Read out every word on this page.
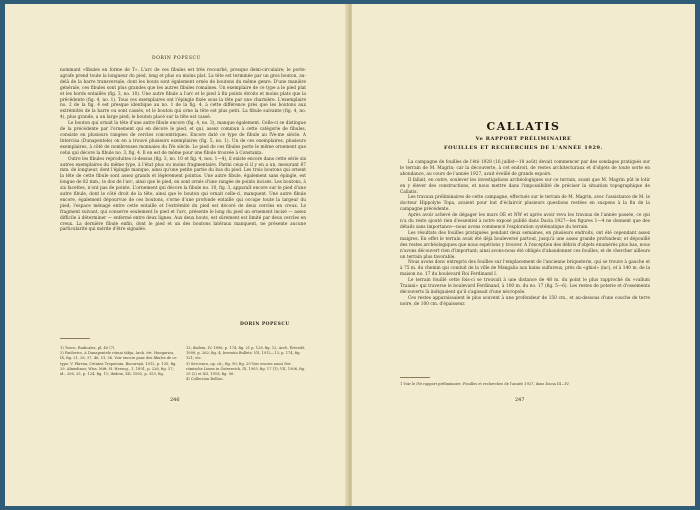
DORIN POPESCU

nommant «fibules en forme de T». L'arc de ces fibules est très recourbé, presque demi-circulaire; le porte-agrafe prend toute la longueur du pied, long et plus ou moins plat. La tête est terminée par un gros bouton, au-delà de la barre transversale, dont les bouts sont également ornés de boutons du même genre. D'une manière générale, ces fibules sont plus grandes que les autres fibules romaines. Un exemplaire de ce type a le pied plat et les bords entaillés (fig. 3, no. 10). Une autre fibule a l'arc et le pied à fin points étroits et moins plats que la précédente (fig. 4, no. 1). Tous ces exemplaires ont l'épingle fixée sous la tête par une charnière. L'exemplaire no. 2 de la fig. 4 est presque identique au no. 1 de la fig. 4, à cette différence près que les boutons aux extrémités de la barre ou sont cassés, et le bouton qui orne la tête est plus petit. La fibule suivante (fig. 4, no. 4), plus grande, a un large pied; le bouton placé sur la tête est cassé.

Le bouton qui ornait la tête d'une autre fibule encore (fig. 4, no. 3), manque également. Celle-ci se distingue de la précédente par l'ornement qui en décore le pied, et qui, assez commun à cette catégorie de fibules, consiste en plusieurs rangées de cercles concentriques. Encore daté ce type de fibule au IVe-me siècle. A Intercisa (Dunapentele) on en a trouvé plusieurs exemplaires (fig. 5, no. 1). Un de ces exemplaires, plusieurs exemplaires, à côté de nombreuses monnaies du IVe siècle. Le pied de ces fibules porte le même ornement que celui qui décore la fibule no. 3, fig. 4. Il en est de même pour une fibule trouvée à Constanța.

Outre les fibules reproduites ci-dessus (fig. 3, no. 10 et fig. 4, nos. 1—4), il existe encore dans cette série six autres exemplaires du même type, à l'état plus ou moins fragmentaire. Parmi ceux-ci il y en a un, mesurant 87 mm. de longueur, dont l'épingle manque, ainsi qu'une petite partie du bas du pied. Les trois boutons qui ornent la tête de cette fibule sont assez grands et légèrement pointus. Une autre fibule, également sans épingle, est longue de 82 mm.; le dos de l'arc, ainsi que le pied, en sont ornés d'une rangée de points incisés. Les boutons, à six facettes, n'ont pas de pointe. L'ornement qui décore la fibule no. 10, fig. 3, apparaît encore sur le pied d'une autre fibule, dont le côté droit de la tête, ainsi que le bouton qui ornait celle-ci, manquent. Une autre fibule encore, également dépourvue de ces boutons, s'orne d'une profonde entaille qui occupe toute la largeur du pied; l'espace ménagé entre cette entaille et l'extrémité du pied est décoré de deux cercles en creux. Le fragment suivant, qui conserve seulement le pied et l'arc, présente le long du pied un ornement incisé — assez difficile à déterminer — enfermé entre deux lignes. Aux deux bouts, est sûrement est limité par deux cercles en creux. La dernière fibule enfin, dont le pied et un des boutons latéraux manquent, ne présente aucune particularité qui mérite d'être signalée.

DORIN POPESCU

1) Turcu, Radicales, pl. 40 (7).

2) Paulovics, A Dunapentele római tábja, Arch. ért. Hungarica, IX, fig. 21, 28, 37, 46, 51, 56. Voir encore pour des fibules de ce type: V. Pârvan, Cetatea Tropaeum, Bucureşti, 1912, p. 135, fig. 29. Almedinos; Wiss. Mitt. H. Herzog., 1, 1891, p. 226, fig. 37; id., 206, 25, p. 124, fig. 11; ibidem, XII, 1892, p. 353, fig.

13; ibidem, IV, 1896, p. 174, fig. 21 p. 128, fig. 12; Arch. Értesítő, 1908, p. 262, fig. 4; Inventio Bullets, VII, 1912—13, p. 174, fig. 121; etc.

3) Sevcenco, op. cit., fig. 90; fig. 29 Voir encore aussi Der römische Limes in Österreich, IX, 1903, fig. 17 (1); VII, 1906, fig. 29 (2) et XII, 1918, fig. 56.

4) Collection Bolliac.

246
CALLATIS
Ve RAPPORT PRÉLIMINAIRE
FOUILLES ET RECHERCHES DE L'ANNÉE 1929.

La campagne de fouilles de l'été 1928 (16 juillet—18 août) devait commencer par des sondages pratiqués sur le terrain de M. Magrin; car la découverte, à cet endroit, de restes architecturaux et d'objets de toute sorte en abondance, au cours de l'année 1927, avait éveillé de grands espoirs.

Il fallait, en outre, soulever les investigations archéologiques sur ce terrain, avant que M. Magrin pût le lotir en y élever des constructions, et nous mettre dans l'impossibilité de préciser la situation topographique de Callatis.

Les travaux préliminaires de cette campagne, effectués sur le terrain de M. Magrin, avec l'assistance de M. le docteur Hippolyte Topa, avaient pour but d'éclaircir plusieurs questions restées en suspens à la fin de la campagne précédente.

Après avoir achevé de dégager les murs OE et NW et après avoir revu les travaux de l'année passée, ce qui n'a du reste ajouté rien d'essentiel à notre exposé publié dans Dacia 1927—les figures 1—4 ne donnent que des détails sans importance—nous avons commencé l'exploration systématique du terrain.

Les résultats des fouilles pratiquées pendant deux semaines, en plusieurs endroits, ont été cependant assez maigres. En effet le terrain avait été déjà bouleversé partout, jusqu'à une assez grande profondeur, et dépouillé des restes archéologiques que nous espérions y trouver. À l'exception des débris d'objets énumérés plus bas, nous n'avons découvert rien d'important; ainsi avons-nous été obligés d'abandonner ces fouilles, et de chercher ailleurs un terrain plus favorable.

Nous avons donc entrepris des fouilles sur l'emplacement de l'ancienne briqueterie, qui se trouve à gauche et à 75 m. du chemin qui conduit de la ville de Mangalia aux bains sulfureux, près du «ghiol» (lac), et à 140 m. de la maison no. 17 du boulevard Roi Ferdinand I.

Le terrain fouillé cette fois-ci se trouvait à une distance de 48 m. du point le plus rapproché du «vallum Traiani» qui traverse le boulevard Ferdinand, à 100 m. du no. 17 (fig. 5—6). Les restes de poterie et d'ossements découverts là indiquaient qu'il s'agissait d'une nécropole.

Ces restes apparaissaient le plus souvent à une profondeur de 150 cm., et au-dessous d'une couche de terre noire, de 100 cm. d'épaisseur.

1 Voir le IVe rapport préliminaire, Fouilles et recherches de l'année 1927, dans Dacia III—IV.

247
